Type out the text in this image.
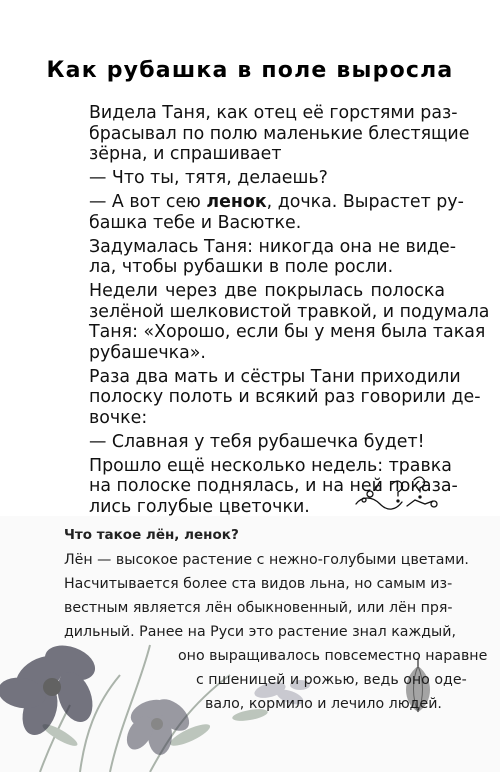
Как рубашка в поле выросла
Видела Таня, как отец её горстями раз-
брасывал по полю маленькие блестящие
зёрна, и спрашивает
— Что ты, тятя, делаешь?
— А вот сею ленок, дочка. Вырастет ру-
башка тебе и Васютке.
Задумалась Таня: никогда она не виде-
ла, чтобы рубашки в поле росли.
Недели через две покрылась полоска
зелёной шелковистой травкой, и подумала
Таня: «Хорошо, если бы у меня была такая
рубашечка».
Раза два мать и сёстры Тани приходили
полоску полоть и всякий раз говорили де-
вочке:
— Славная у тебя рубашечка будет!
Прошло ещё несколько недель: травка
на полоске поднялась, и на ней показа-
лись голубые цветочки.
Что такое лён, ленок?
Лён — высокое растение с нежно-голубыми цветами.
Насчитывается более ста видов льна, но самым из-
вестным является лён обыкновенный, или лён пря-
дильный. Ранее на Руси это растение знал каждый,
оно выращивалось повсеместно наравне
с пшеницей и рожью, ведь оно оде-
вало, кормило и лечило людей.
